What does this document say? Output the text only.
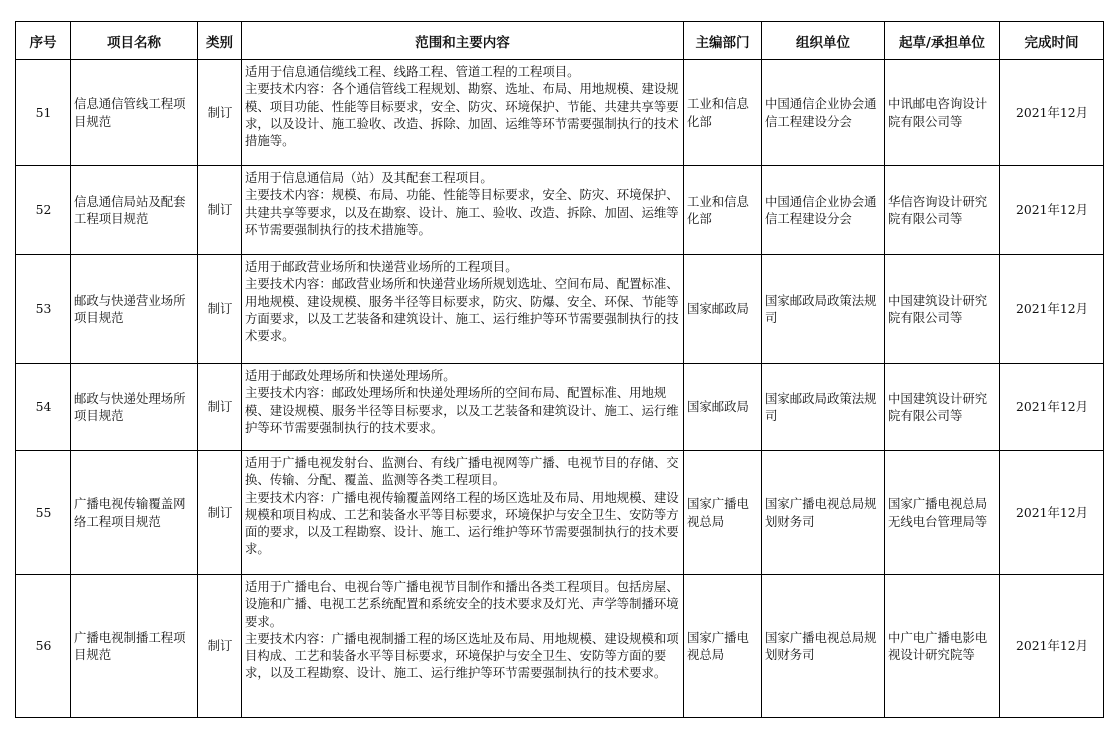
序号	项目名称	类别	范围和主要内容	主编部门	组织单位	起草/承担单位	完成时间
51	信息通信管线工程项目规范	制订	适用于信息通信缆线工程、线路工程、管道工程的工程项目。
主要技术内容：各个通信管线工程规划、勘察、选址、布局、用地规模、建设规模、项目功能、性能等目标要求，安全、防灾、环境保护、节能、共建共享等要求，以及设计、施工验收、改造、拆除、加固、运维等环节需要强制执行的技术措施等。	工业和信息化部	中国通信企业协会通信工程建设分会	中讯邮电咨询设计院有限公司等	2021年12月
52	信息通信局站及配套工程项目规范	制订	适用于信息通信局（站）及其配套工程项目。
主要技术内容：规模、布局、功能、性能等目标要求，安全、防灾、环境保护、共建共享等要求，以及在勘察、设计、施工、验收、改造、拆除、加固、运维等环节需要强制执行的技术措施等。	工业和信息化部	中国通信企业协会通信工程建设分会	华信咨询设计研究院有限公司等	2021年12月
53	邮政与快递营业场所项目规范	制订	适用于邮政营业场所和快递营业场所的工程项目。
主要技术内容：邮政营业场所和快递营业场所规划选址、空间布局、配置标准、用地规模、建设规模、服务半径等目标要求，防灾、防爆、安全、环保、节能等方面要求，以及工艺装备和建筑设计、施工、运行维护等环节需要强制执行的技术要求。	国家邮政局	国家邮政局政策法规司	中国建筑设计研究院有限公司等	2021年12月
54	邮政与快递处理场所项目规范	制订	适用于邮政处理场所和快递处理场所。
主要技术内容：邮政处理场所和快递处理场所的空间布局、配置标准、用地规模、建设规模、服务半径等目标要求，以及工艺装备和建筑设计、施工、运行维护等环节需要强制执行的技术要求。	国家邮政局	国家邮政局政策法规司	中国建筑设计研究院有限公司等	2021年12月
55	广播电视传输覆盖网络工程项目规范	制订	适用于广播电视发射台、监测台、有线广播电视网等广播、电视节目的存储、交换、传输、分配、覆盖、监测等各类工程项目。
主要技术内容：广播电视传输覆盖网络工程的场区选址及布局、用地规模、建设规模和项目构成、工艺和装备水平等目标要求，环境保护与安全卫生、安防等方面的要求，以及工程勘察、设计、施工、运行维护等环节需要强制执行的技术要求。	国家广播电视总局	国家广播电视总局规划财务司	国家广播电视总局无线电台管理局等	2021年12月
56	广播电视制播工程项目规范	制订	适用于广播电台、电视台等广播电视节目制作和播出各类工程项目。包括房屋、设施和广播、电视工艺系统配置和系统安全的技术要求及灯光、声学等制播环境要求。
主要技术内容：广播电视制播工程的场区选址及布局、用地规模、建设规模和项目构成、工艺和装备水平等目标要求，环境保护与安全卫生、安防等方面的要求，以及工程勘察、设计、施工、运行维护等环节需要强制执行的技术要求。	国家广播电视总局	国家广播电视总局规划财务司	中广电广播电影电视设计研究院等	2021年12月
